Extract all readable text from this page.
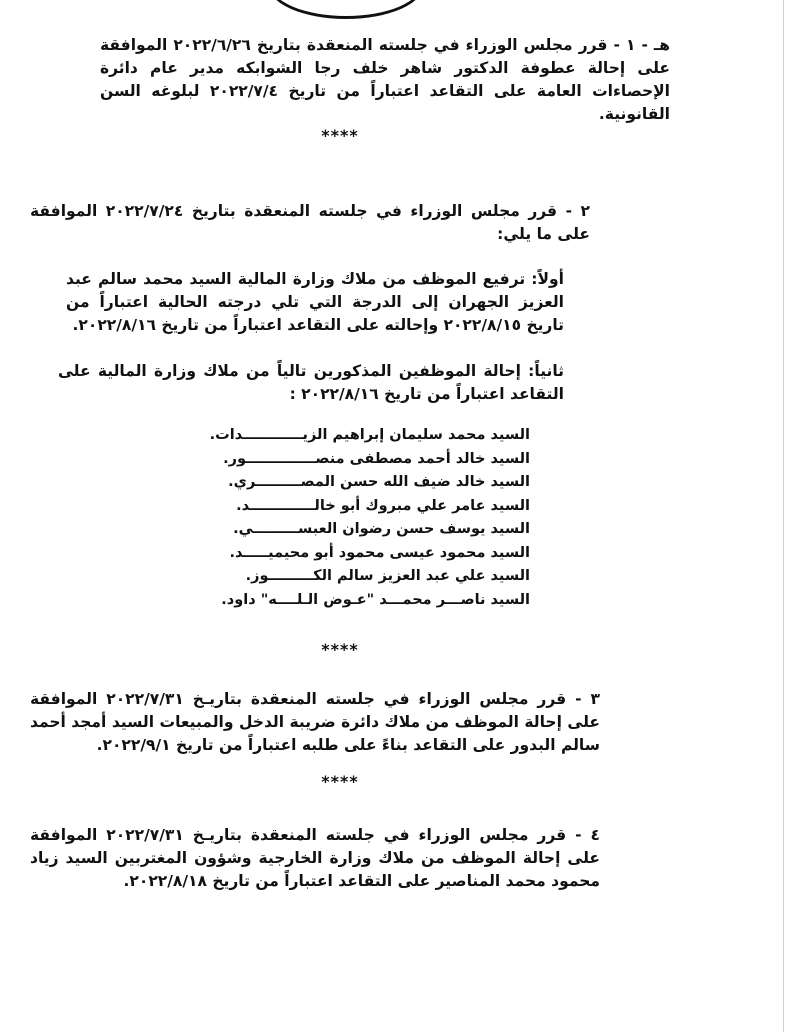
هـ - ١ - قرر مجلس الوزراء في جلسته المنعقدة بتاريخ ٢٠٢٢/٦/٢٦ الموافقة على إحالة عطوفة الدكتور شاهر خلف رجا الشوابكه مدير عام دائرة الإحصاءات العامة على التقاعد اعتباراً من تاريخ ٢٠٢٢/٧/٤ لبلوغه السن القانونية.

****

٢ - قرر مجلس الوزراء في جلسته المنعقدة بتاريخ ٢٠٢٢/٧/٢٤ الموافقة على ما يلي:

أولاً: ترفيع الموظف من ملاك وزارة المالية السيد محمد سالم عبد العزيز الجهران إلى الدرجة التي تلي درجته الحالية اعتباراً من تاريخ ٢٠٢٢/٨/١٥ وإحالته على التقاعد اعتباراً من تاريخ ٢٠٢٢/٨/١٦.

ثانياً: إحالة الموظفين المذكورين تالياً من ملاك وزارة المالية على التقاعد اعتباراً من تاريخ ٢٠٢٢/٨/١٦ :

السيد محمد سليمان إبراهيم الزيــــــــــــدات.
السيد خالد أحمد مصطفى منصــــــــــــــور.
السيد خالد ضيف الله حسن المصـــــــــري.
السيد عامر علي مبروك أبو خالـــــــــــــد.
السيد يوسف حسن رضوان العبســـــــــي.
السيد محمود عيسى محمود أبو محيميـــــد.
السيد علي عبد العزيز سالم الكـــــــــوز.
السيد ناصـــر محمـــد "عـوض الـلــــه" داود.
****

٣ - قرر مجلس الوزراء في جلسته المنعقدة بتاريـخ ٢٠٢٢/٧/٣١ الموافقة على إحالة الموظف من ملاك دائرة ضريبة الدخل والمبيعات السيد أمجد أحمد سالم البدور على التقاعد بناءً على طلبه اعتباراً من تاريخ ٢٠٢٢/٩/١.

****

٤ - قرر مجلس الوزراء في جلسته المنعقدة بتاريـخ ٢٠٢٢/٧/٣١ الموافقة على إحالة الموظف من ملاك وزارة الخارجية وشؤون المغتربين السيد زياد محمود محمد المناصير على التقاعد اعتباراً من تاريخ ٢٠٢٢/٨/١٨.
